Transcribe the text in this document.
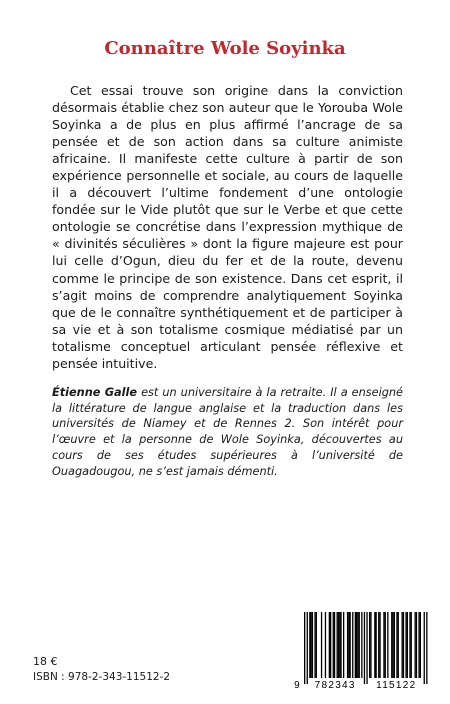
Connaître Wole Soyinka

Cet essai trouve son origine dans la conviction désormais établie chez son auteur que le Yorouba Wole Soyinka a de plus en plus affirmé l’ancrage de sa pensée et de son action dans sa culture animiste africaine. Il manifeste cette culture à partir de son expérience personnelle et sociale, au cours de laquelle il a découvert l’ultime fondement d’une ontologie fondée sur le Vide plutôt que sur le Verbe et que cette ontologie se concrétise dans l’expression mythique de « divinités séculières » dont la figure majeure est pour lui celle d’Ogun, dieu du fer et de la route, devenu comme le principe de son existence. Dans cet esprit, il s’agit moins de comprendre analytiquement Soyinka que de le connaître synthétiquement et de participer à sa vie et à son totalisme cosmique médiatisé par un totalisme conceptuel articulant pensée réflexive et pensée intuitive.

Étienne Galle est un universitaire à la retraite. Il a enseigné la littérature de langue anglaise et la traduction dans les universités de Niamey et de Rennes 2. Son intérêt pour l’œuvre et la personne de Wole Soyinka, découvertes au cours de ses études supérieures à l’université de Ouagadougou, ne s’est jamais démenti.

18 €

ISBN : 978-2-343-11512-2

9 782343 115122
